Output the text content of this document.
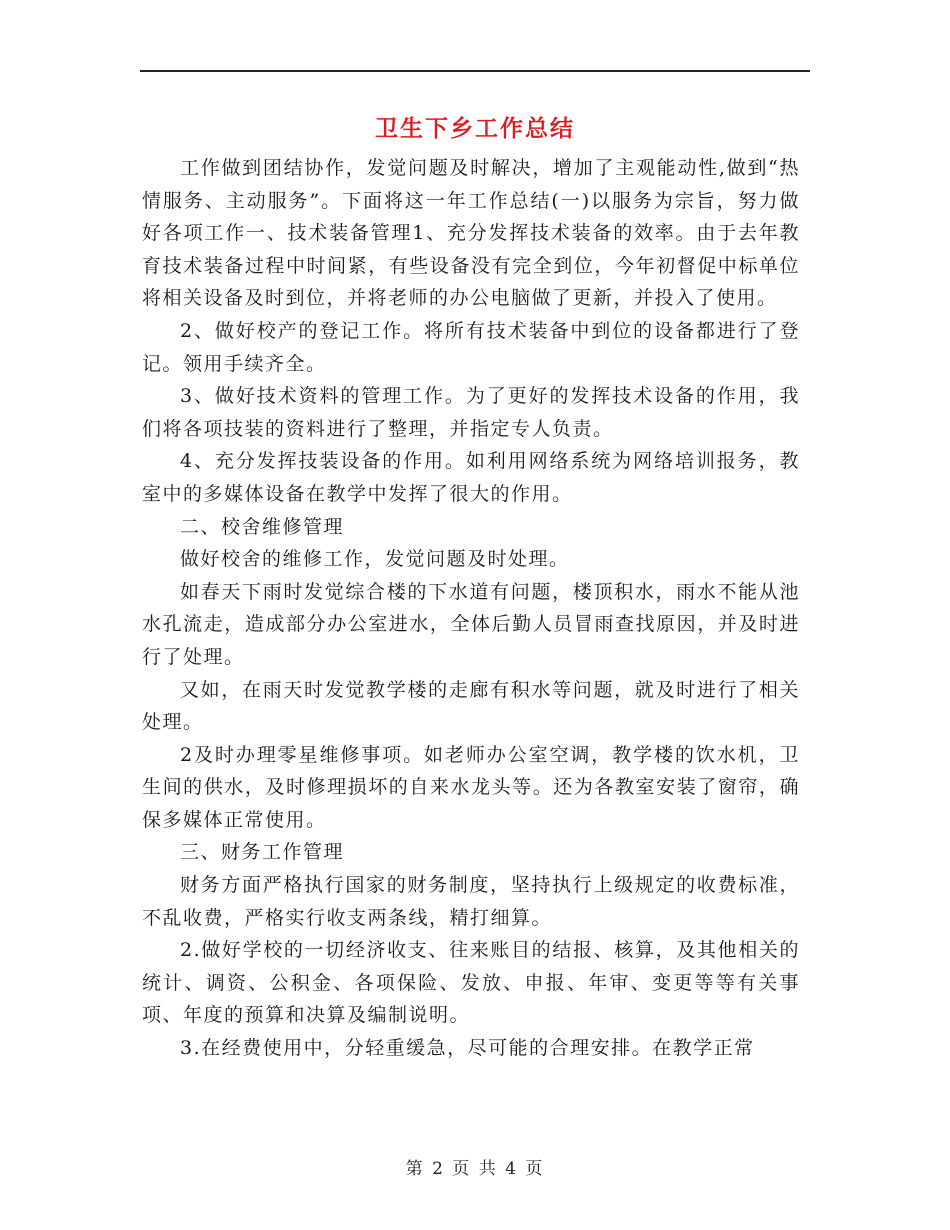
卫生下乡工作总结

工作做到团结协作，发觉问题及时解决，增加了主观能动性,做到“热情服务、主动服务”。下面将这一年工作总结(一)以服务为宗旨，努力做好各项工作一、技术装备管理1、充分发挥技术装备的效率。由于去年教育技术装备过程中时间紧，有些设备没有完全到位，今年初督促中标单位将相关设备及时到位，并将老师的办公电脑做了更新，并投入了使用。

2、做好校产的登记工作。将所有技术装备中到位的设备都进行了登记。领用手续齐全。

3、做好技术资料的管理工作。为了更好的发挥技术设备的作用，我们将各项技装的资料进行了整理，并指定专人负责。

4、充分发挥技装设备的作用。如利用网络系统为网络培训报务，教室中的多媒体设备在教学中发挥了很大的作用。

二、校舍维修管理

做好校舍的维修工作，发觉问题及时处理。

如春天下雨时发觉综合楼的下水道有问题，楼顶积水，雨水不能从池水孔流走，造成部分办公室进水，全体后勤人员冒雨查找原因，并及时进行了处理。

又如，在雨天时发觉教学楼的走廊有积水等问题，就及时进行了相关处理。

2及时办理零星维修事项。如老师办公室空调，教学楼的饮水机，卫生间的供水，及时修理损坏的自来水龙头等。还为各教室安装了窗帘，确保多媒体正常使用。

三、财务工作管理

财务方面严格执行国家的财务制度，坚持执行上级规定的收费标准，不乱收费，严格实行收支两条线，精打细算。

2.做好学校的一切经济收支、往来账目的结报、核算，及其他相关的统计、调资、公积金、各项保险、发放、申报、年审、变更等等有关事项、年度的预算和决算及编制说明。

3.在经费使用中，分轻重缓急，尽可能的合理安排。在教学正常

第 2 页 共 4 页
